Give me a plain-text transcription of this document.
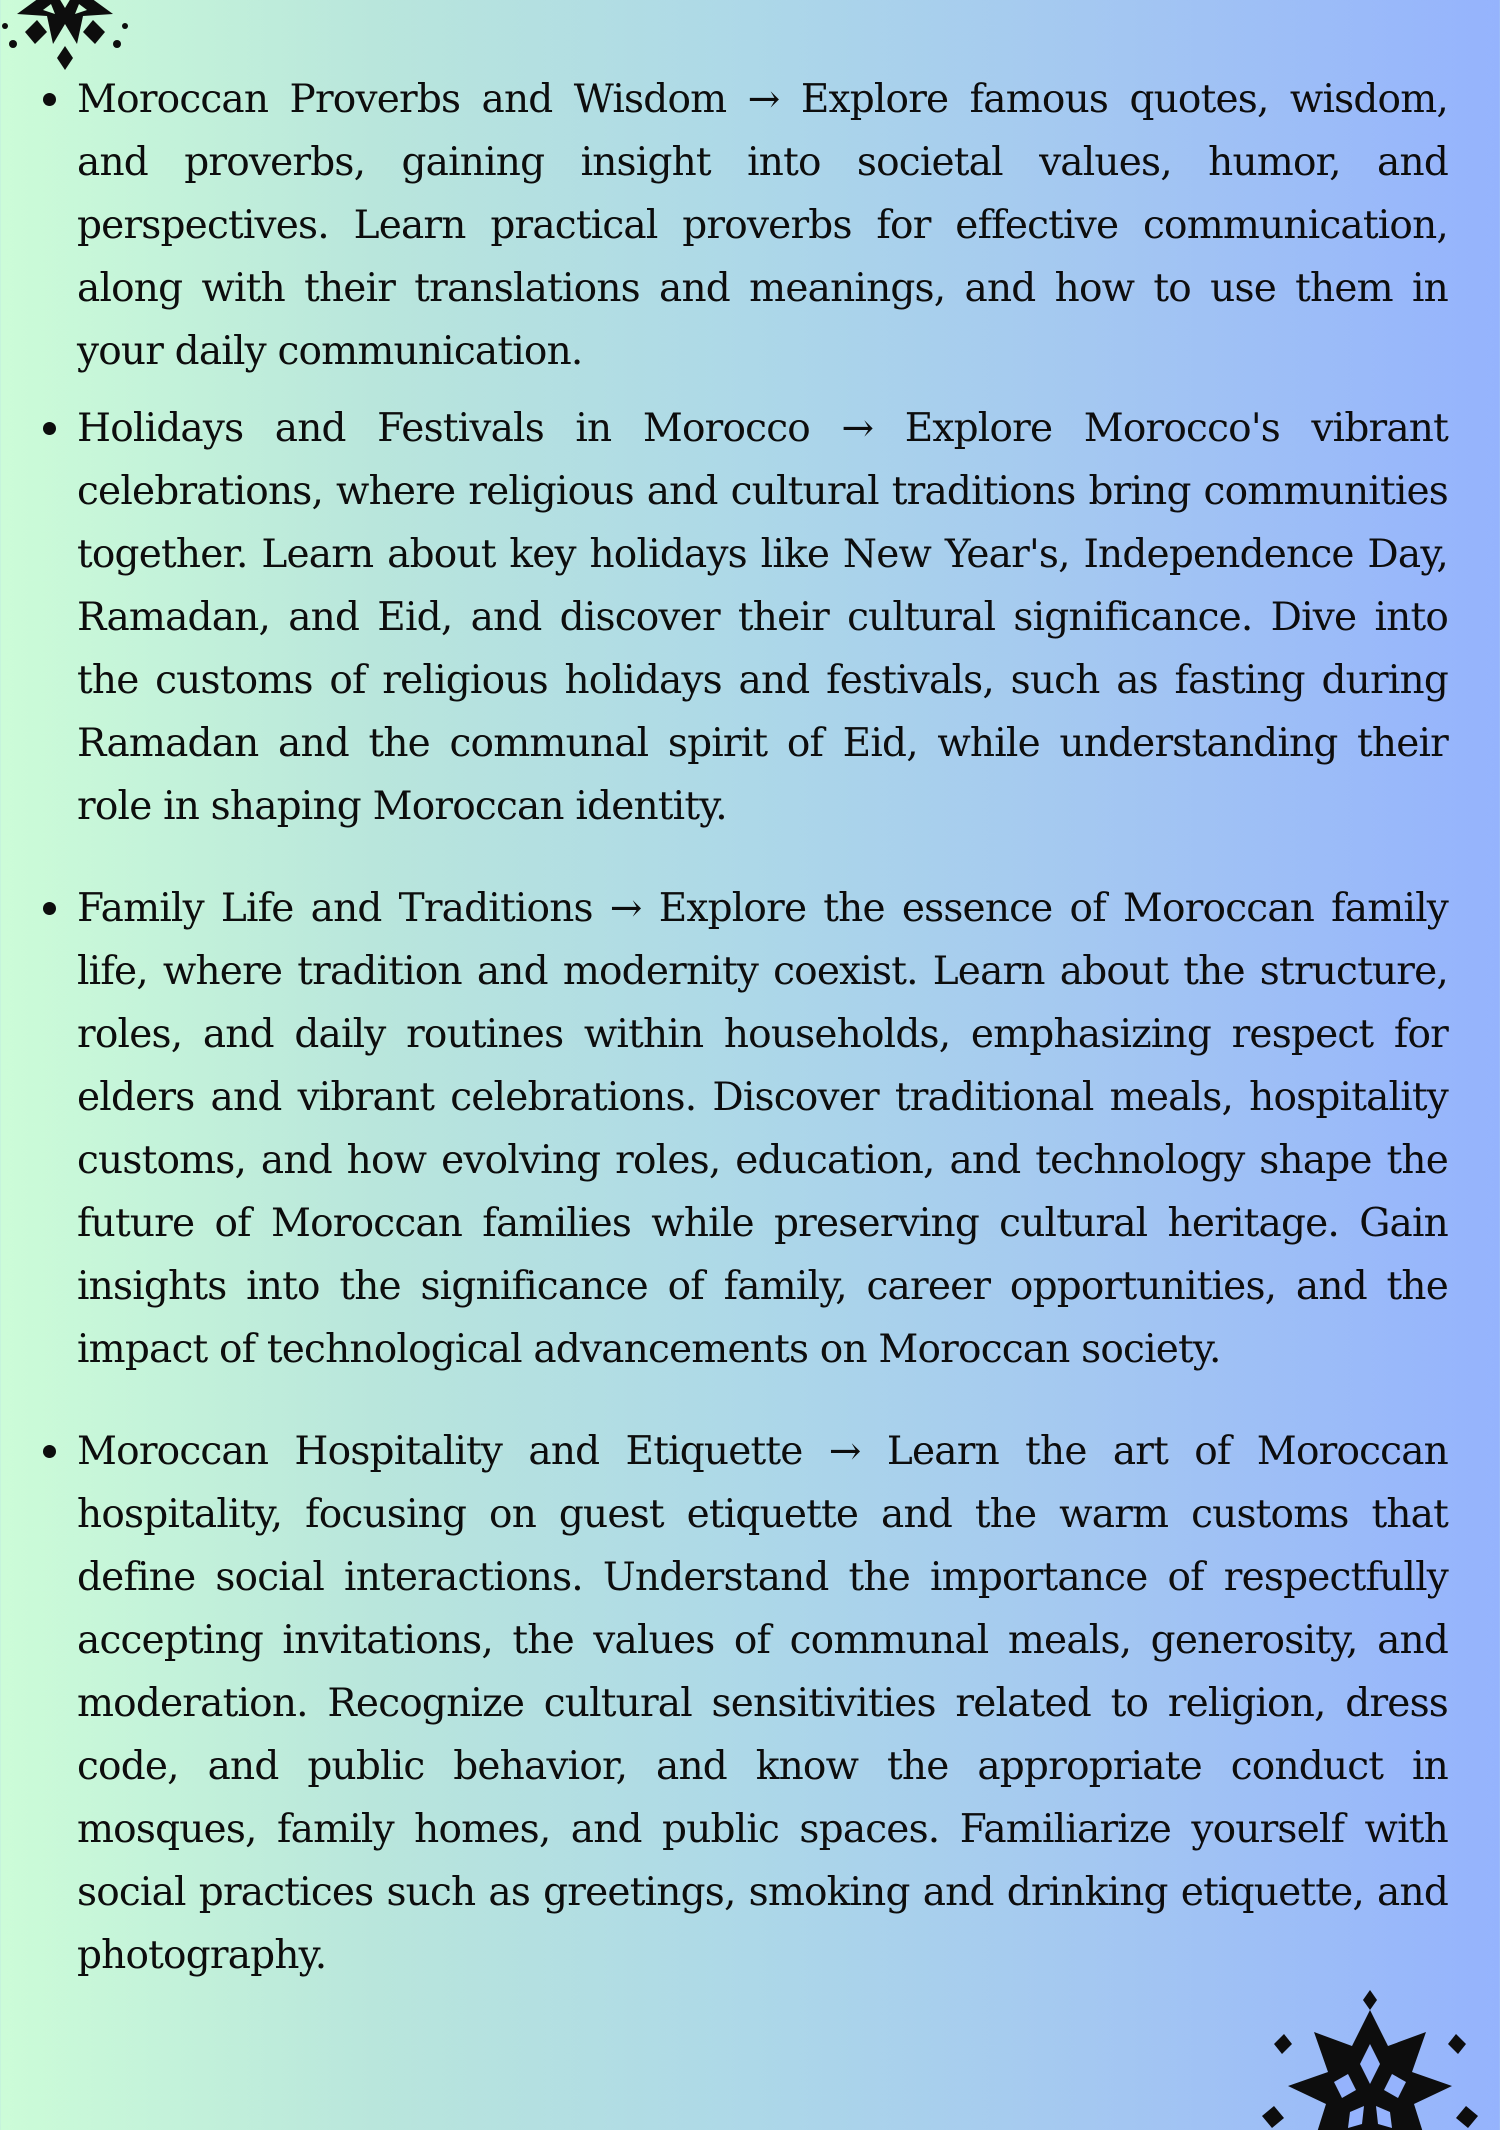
Moroccan Proverbs and Wisdom → Explore famous quotes, wisdom, and proverbs, gaining insight into societal values, humor, and perspectives. Learn practical proverbs for effective communication, along with their translations and meanings, and how to use them in your daily communication.
Holidays and Festivals in Morocco → Explore Morocco's vibrant celebrations, where religious and cultural traditions bring communities together. Learn about key holidays like New Year's, Independence Day, Ramadan, and Eid, and discover their cultural significance. Dive into the customs of religious holidays and festivals, such as fasting during Ramadan and the communal spirit of Eid, while understanding their role in shaping Moroccan identity.
Family Life and Traditions → Explore the essence of Moroccan family life, where tradition and modernity coexist. Learn about the structure, roles, and daily routines within households, emphasizing respect for elders and vibrant celebrations. Discover traditional meals, hospitality customs, and how evolving roles, education, and technology shape the future of Moroccan families while preserving cultural heritage. Gain insights into the significance of family, career opportunities, and the impact of technological advancements on Moroccan society.
Moroccan Hospitality and Etiquette → Learn the art of Moroccan hospitality, focusing on guest etiquette and the warm customs that define social interactions. Understand the importance of respectfully accepting invitations, the values of communal meals, generosity, and moderation. Recognize cultural sensitivities related to religion, dress code, and public behavior, and know the appropriate conduct in mosques, family homes, and public spaces. Familiarize yourself with social practices such as greetings, smoking and drinking etiquette, and photography.
